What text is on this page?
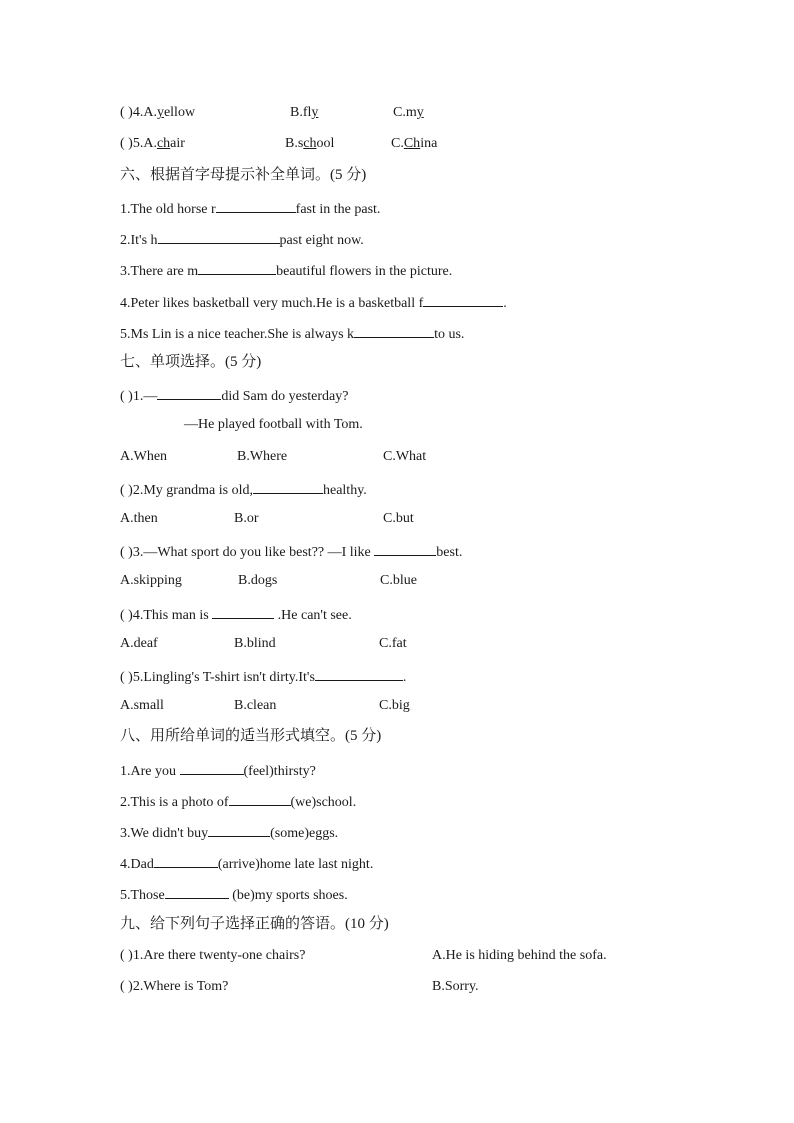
( )4.A.yellow	B.fly	C.my
( )5.A.chair	B.school	C.China
六、根据首字母提示补全单词。(5 分)
1.The old horse r	fast in the past.
2.It's h	past eight now.
3.There are m	beautiful flowers in the picture.
4.Peter likes basketball very much.He is a basketball f	.
5.Ms Lin is a nice teacher.She is always k	to us.
七、单项选择。(5 分)
( )1.—	did Sam do yesterday?
—He played football with Tom.
A.When	B.Where	C.What
( )2.My grandma is old,	healthy.
A.then	B.or	C.but
( )3.—What sport do you like best?? —I like	best.
A.skipping	B.dogs	C.blue
( )4.This man is	.He can't see.
A.deaf	B.blind	C.fat
( )5.Lingling's T-shirt isn't dirty.It's	.
A.small	B.clean	C.big
八、用所给单词的适当形式填空。(5 分)
1.Are you	(feel)thirsty?
2.This is a photo of	(we)school.
3.We didn't buy	(some)eggs.
4.Dad	(arrive)home late last night.
5.Those	(be)my sports shoes.
九、给下列句子选择正确的答语。(10 分)
( )1.Are there twenty-one chairs?	A.He is hiding behind the sofa.
( )2.Where is Tom?	B.Sorry.
